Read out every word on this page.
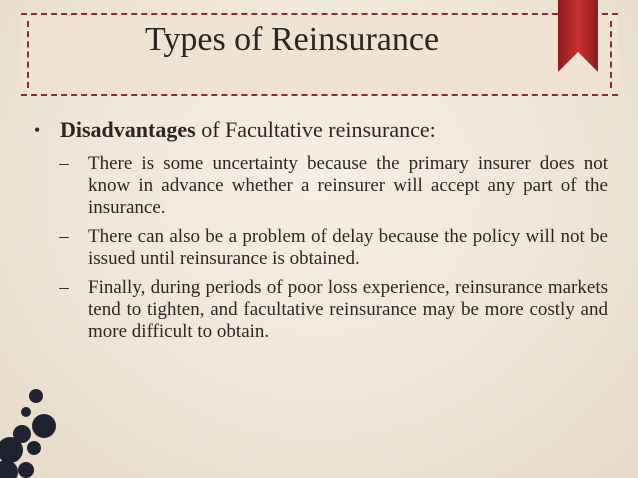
Types of Reinsurance
• Disadvantages of Facultative reinsurance:
–	There is some uncertainty because the primary insurer does not know in advance whether a reinsurer will accept any part of the insurance.
–	There can also be a problem of delay because the policy will not be issued until reinsurance is obtained.
–	Finally, during periods of poor loss experience, reinsurance markets tend to tighten, and facultative reinsurance may be more costly and more difficult to obtain.
